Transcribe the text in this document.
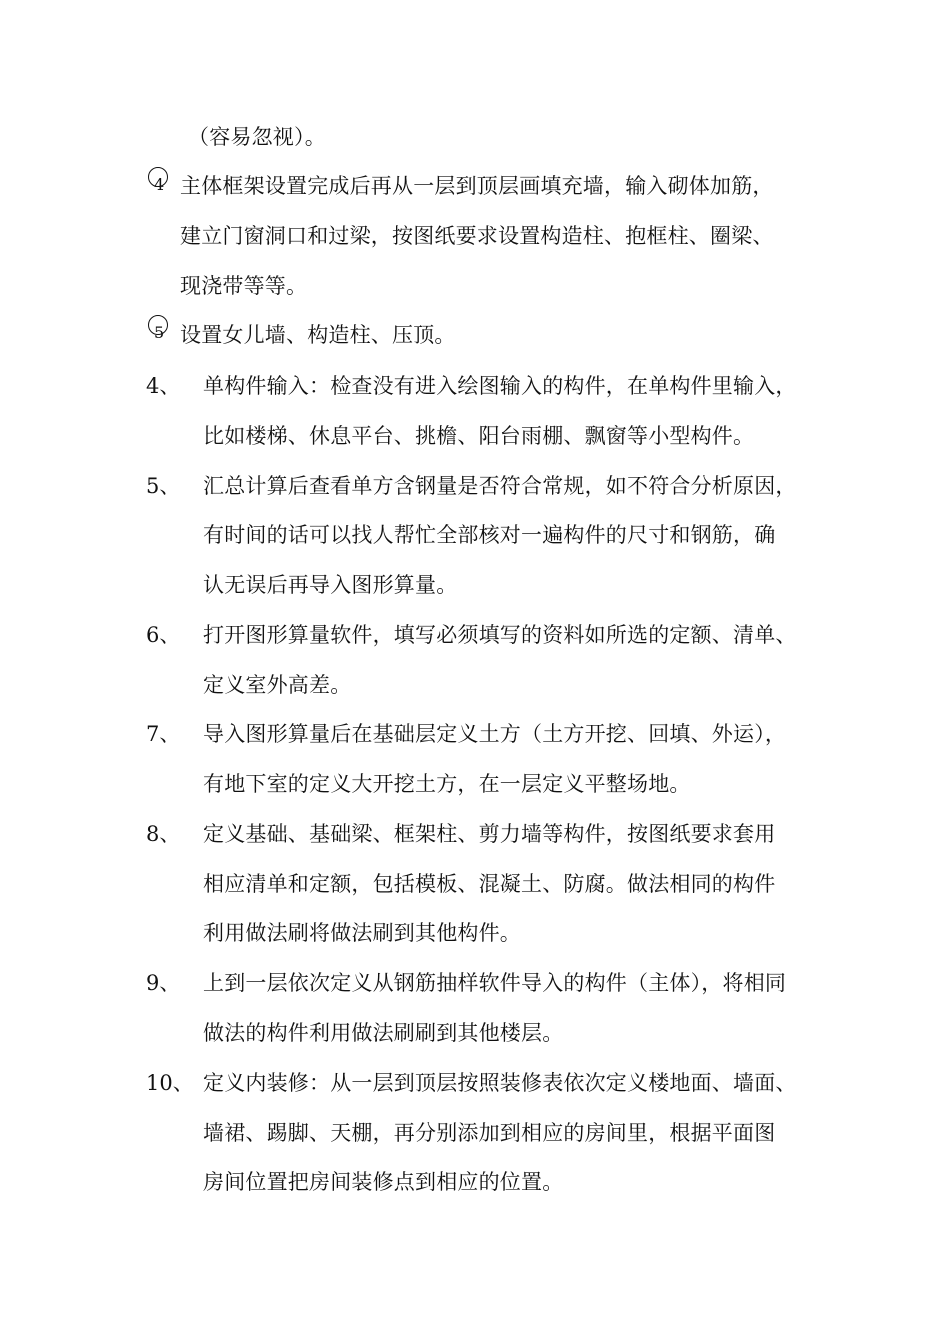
（容易忽视）。
4 主体框架设置完成后再从一层到顶层画填充墙，输入砌体加筋，
建立门窗洞口和过梁，按图纸要求设置构造柱、抱框柱、圈梁、
现浇带等等。
5 设置女儿墙、构造柱、压顶。
4、 单构件输入：检查没有进入绘图输入的构件，在单构件里输入，
比如楼梯、休息平台、挑檐、阳台雨棚、飘窗等小型构件。
5、 汇总计算后查看单方含钢量是否符合常规，如不符合分析原因，
有时间的话可以找人帮忙全部核对一遍构件的尺寸和钢筋，确
认无误后再导入图形算量。
6、 打开图形算量软件，填写必须填写的资料如所选的定额、清单、
定义室外高差。
7、 导入图形算量后在基础层定义土方（土方开挖、回填、外运），
有地下室的定义大开挖土方，在一层定义平整场地。
8、 定义基础、基础梁、框架柱、剪力墙等构件，按图纸要求套用
相应清单和定额，包括模板、混凝土、防腐。做法相同的构件
利用做法刷将做法刷到其他构件。
9、 上到一层依次定义从钢筋抽样软件导入的构件（主体），将相同
做法的构件利用做法刷刷到其他楼层。
10、 定义内装修：从一层到顶层按照装修表依次定义楼地面、墙面、
墙裙、踢脚、天棚，再分别添加到相应的房间里，根据平面图
房间位置把房间装修点到相应的位置。
